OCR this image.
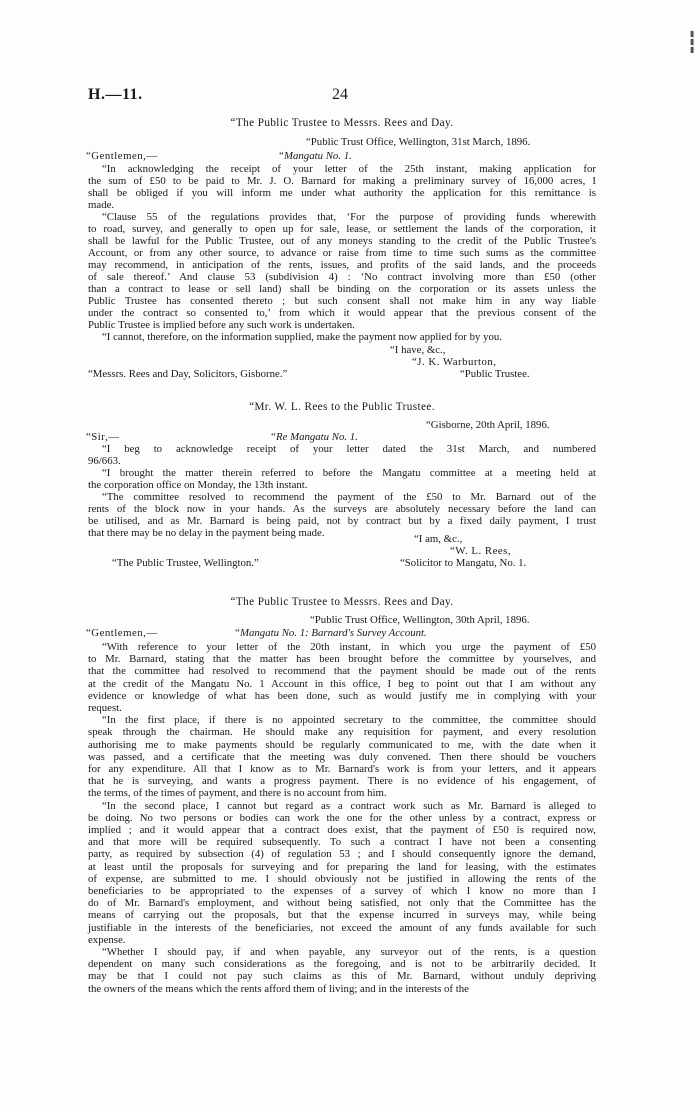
▮
▮
▮
H.—11.	24
“The Public Trustee to Messrs. Rees and Day.
“Public Trust Office, Wellington, 31st March, 1896.
“Gentlemen,—	“Mangatu No. 1.
“In acknowledging the receipt of your letter of the 25th instant, making application for
the sum of £50 to be paid to Mr. J. O. Barnard for making a preliminary survey of 16,000 acres, I
shall be obliged if you will inform me under what authority the application for this remittance is
made.
“Clause 55 of the regulations provides that, ‘For the purpose of providing funds wherewith
to road, survey, and generally to open up for sale, lease, or settlement the lands of the corporation, it
shall be lawful for the Public Trustee, out of any moneys standing to the credit of the Public Trustee's
Account, or from any other source, to advance or raise from time to time such sums as the committee
may recommend, in anticipation of the rents, issues, and profits of the said lands, and the proceeds
of sale thereof.’ And clause 53 (subdivision 4) : ‘No contract involving more than £50 (other
than a contract to lease or sell land) shall be binding on the corporation or its assets unless the
Public Trustee has consented thereto ; but such consent shall not make him in any way liable
under the contract so consented to,’ from which it would appear that the previous consent of the
Public Trustee is implied before any such work is undertaken.
“I cannot, therefore, on the information supplied, make the payment now applied for by you.
“I have, &c.,
“J. K. Warburton,
“Messrs. Rees and Day, Solicitors, Gisborne.”	“Public Trustee.
“Mr. W. L. Rees to the Public Trustee.
“Gisborne, 20th April, 1896.
“Sir,—	“Re Mangatu No. 1.
“I beg to acknowledge receipt of your letter dated the 31st March, and numbered
96/663.
“I brought the matter therein referred to before the Mangatu committee at a meeting held at
the corporation office on Monday, the 13th instant.
“The committee resolved to recommend the payment of the £50 to Mr. Barnard out of the
rents of the block now in your hands. As the surveys are absolutely necessary before the land can
be utilised, and as Mr. Barnard is being paid, not by contract but by a fixed daily payment, I trust
that there may be no delay in the payment being made.	“I am, &c.,
“W. L. Rees,
“The Public Trustee, Wellington.”	“Solicitor to Mangatu, No. 1.
“The Public Trustee to Messrs. Rees and Day.
“Public Trust Office, Wellington, 30th April, 1896.
“Gentlemen,—	“Mangatu No. 1: Barnard's Survey Account.
“With reference to your letter of the 20th instant, in which you urge the payment of £50
to Mr. Barnard, stating that the matter has been brought before the committee by yourselves, and
that the committee had resolved to recommend that the payment should be made out of the rents
at the credit of the Mangatu No. 1 Account in this office, I beg to point out that I am without any
evidence or knowledge of what has been done, such as would justify me in complying with your
request.
“In the first place, if there is no appointed secretary to the committee, the committee should
speak through the chairman. He should make any requisition for payment, and every resolution
authorising me to make payments should be regularly communicated to me, with the date when it
was passed, and a certificate that the meeting was duly convened. Then there should be vouchers
for any expenditure. All that I know as to Mr. Barnard's work is from your letters, and it appears
that he is surveying, and wants a progress payment. There is no evidence of his engagement, of
the terms, of the times of payment, and there is no account from him.
“In the second place, I cannot but regard as a contract work such as Mr. Barnard is alleged to
be doing. No two persons or bodies can work the one for the other unless by a contract, express or
implied ; and it would appear that a contract does exist, that the payment of £50 is required now,
and that more will be required subsequently. To such a contract I have not been a consenting
party, as required by subsection (4) of regulation 53 ; and I should consequently ignore the demand,
at least until the proposals for surveying and for preparing the land for leasing, with the estimates
of expense, are submitted to me. I should obviously not be justified in allowing the rents of the
beneficiaries to be appropriated to the expenses of a survey of which I know no more than I
do of Mr. Barnard's employment, and without being satisfied, not only that the Committee has the
means of carrying out the proposals, but that the expense incurred in surveys may, while being
justifiable in the interests of the beneficiaries, not exceed the amount of any funds available for such
expense.
“Whether I should pay, if and when payable, any surveyor out of the rents, is a question
dependent on many such considerations as the foregoing, and is not to be arbitrarily decided. It
may be that I could not pay such claims as this of Mr. Barnard, without unduly depriving
the owners of the means which the rents afford them of living; and in the interests of the
